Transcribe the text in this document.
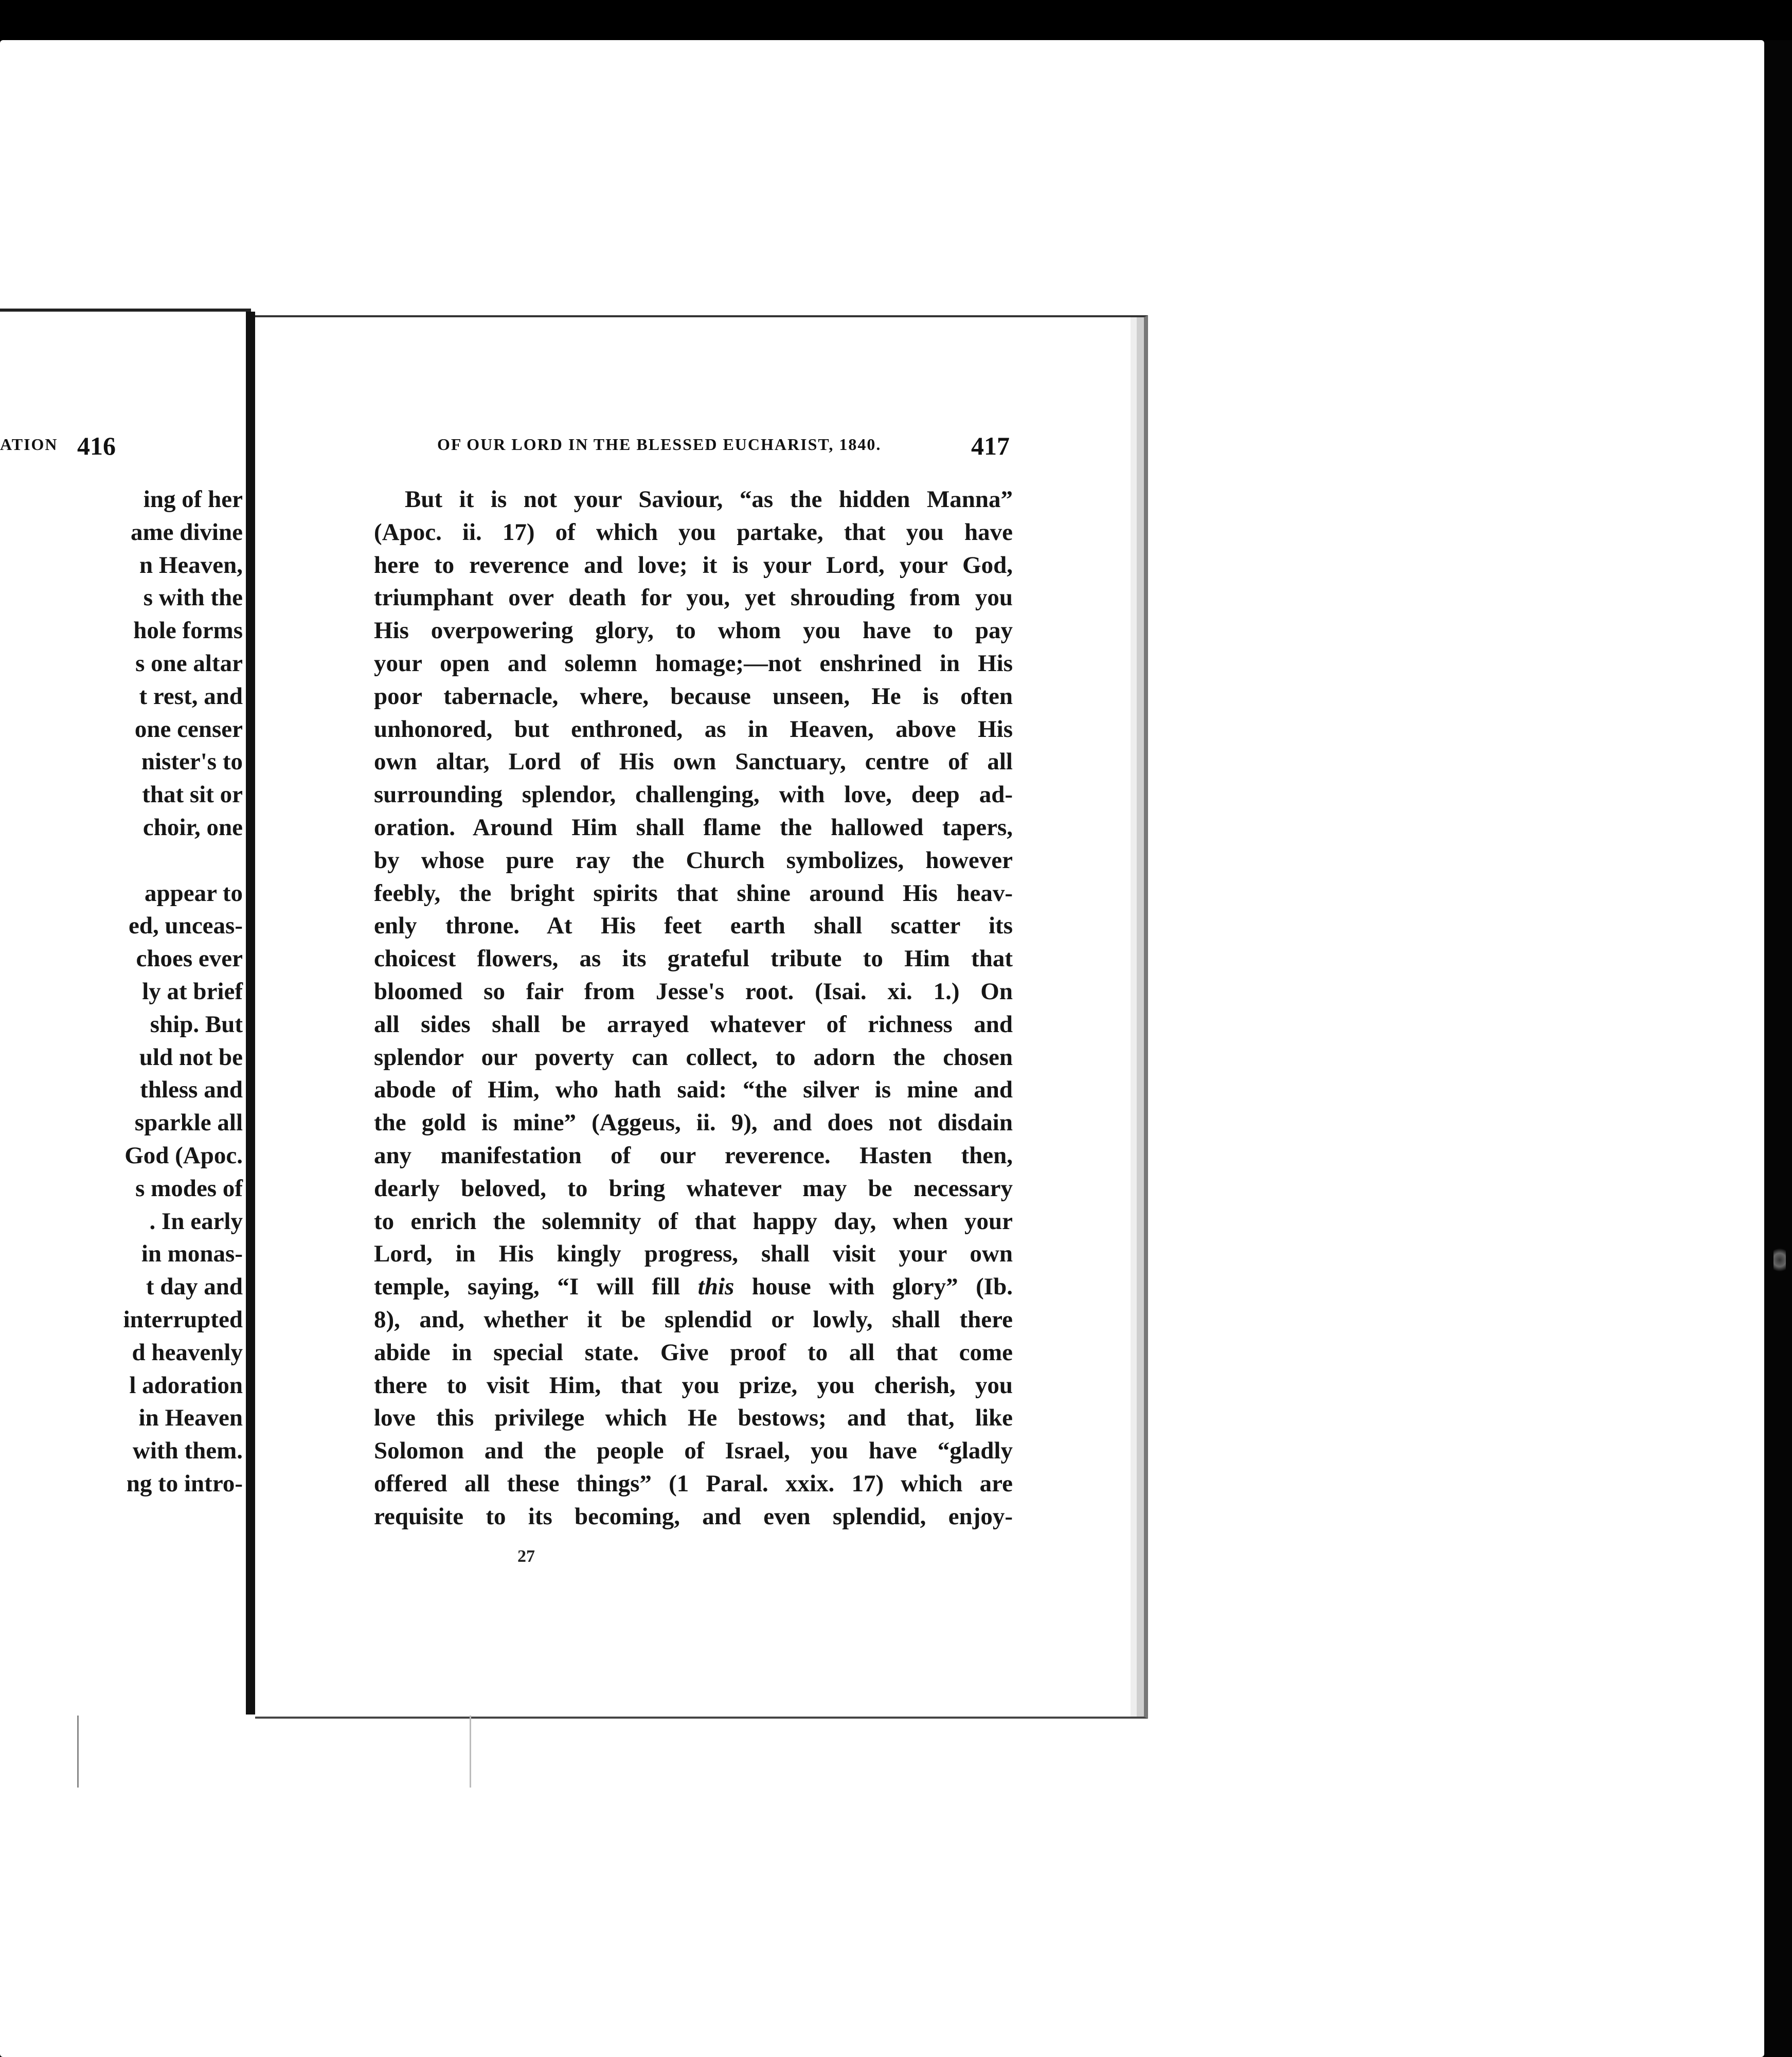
ATION 416	OF OUR LORD IN THE BLESSED EUCHARIST, 1840.	417
ing of her
ame divine
n Heaven,
s with the
hole forms
s one altar
t rest, and
one censer
nister's to
that sit or
choir, one
appear to
ed, unceas-
choes ever
ly at brief
ship. But
uld not be
thless and
sparkle all
God (Apoc.
s modes of
. In early
in monas-
t day and
interrupted
d heavenly
l adoration
in Heaven
with them.
ng to intro-
But it is not your Saviour, “as the hidden Manna”
(Apoc. ii. 17) of which you partake, that you have
here to reverence and love; it is your Lord, your God,
triumphant over death for you, yet shrouding from you
His overpowering glory, to whom you have to pay
your open and solemn homage;—not enshrined in His
poor tabernacle, where, because unseen, He is often
unhonored, but enthroned, as in Heaven, above His
own altar, Lord of His own Sanctuary, centre of all
surrounding splendor, challenging, with love, deep ad-
oration. Around Him shall flame the hallowed tapers,
by whose pure ray the Church symbolizes, however
feebly, the bright spirits that shine around His heav-
enly throne. At His feet earth shall scatter its
choicest flowers, as its grateful tribute to Him that
bloomed so fair from Jesse's root. (Isai. xi. 1.) On
all sides shall be arrayed whatever of richness and
splendor our poverty can collect, to adorn the chosen
abode of Him, who hath said: “the silver is mine and
the gold is mine” (Aggeus, ii. 9), and does not disdain
any manifestation of our reverence. Hasten then,
dearly beloved, to bring whatever may be necessary
to enrich the solemnity of that happy day, when your
Lord, in His kingly progress, shall visit your own
temple, saying, “I will fill this house with glory” (Ib.
8), and, whether it be splendid or lowly, shall there
abide in special state. Give proof to all that come
there to visit Him, that you prize, you cherish, you
love this privilege which He bestows; and that, like
Solomon and the people of Israel, you have “gladly
offered all these things” (1 Paral. xxix. 17) which are
requisite to its becoming, and even splendid, enjoy-
27
